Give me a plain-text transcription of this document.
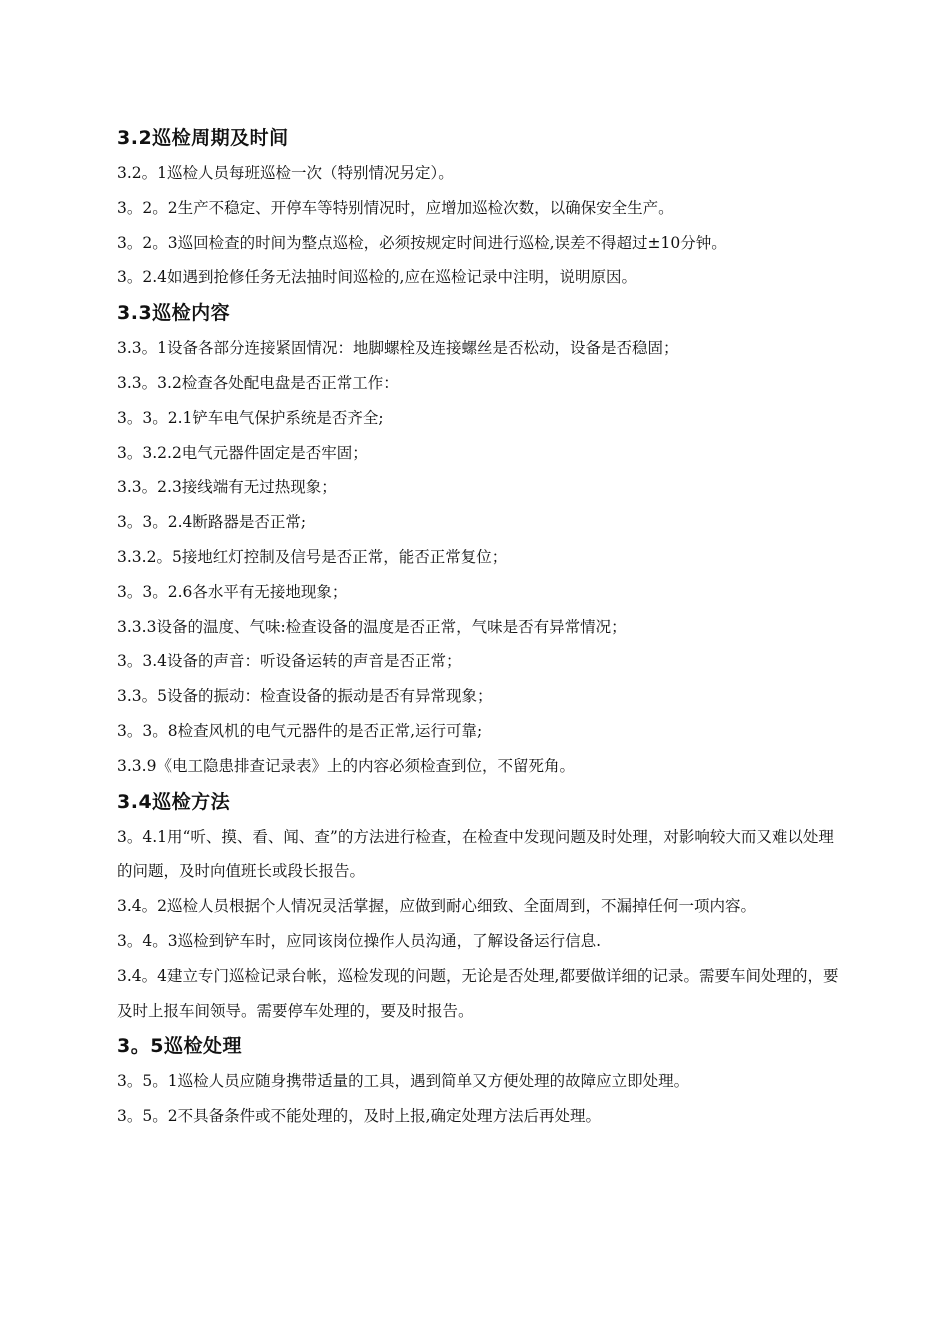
3.2巡检周期及时间

3.2。1巡检人员每班巡检一次（特别情况另定）。

3。2。2生产不稳定、开停车等特别情况时，应增加巡检次数，以确保安全生产。

3。2。3巡回检查的时间为整点巡检，必须按规定时间进行巡检,误差不得超过±10分钟。

3。2.4如遇到抢修任务无法抽时间巡检的,应在巡检记录中注明，说明原因。

3.3巡检内容

3.3。1设备各部分连接紧固情况：地脚螺栓及连接螺丝是否松动，设备是否稳固；

3.3。3.2检查各处配电盘是否正常工作：

3。3。2.1铲车电气保护系统是否齐全;

3。3.2.2电气元器件固定是否牢固；

3.3。2.3接线端有无过热现象；

3。3。2.4断路器是否正常;

3.3.2。5接地红灯控制及信号是否正常，能否正常复位；

3。3。2.6各水平有无接地现象；

3.3.3设备的温度、气味:检查设备的温度是否正常，气味是否有异常情况；

3。3.4设备的声音：听设备运转的声音是否正常；

3.3。5设备的振动：检查设备的振动是否有异常现象；

3。3。8检查风机的电气元器件的是否正常,运行可靠;

3.3.9《电工隐患排查记录表》上的内容必须检查到位，不留死角。

3.4巡检方法

3。4.1用“听、摸、看、闻、查”的方法进行检查，在检查中发现问题及时处理，对影响较大而又难以处理的问题，及时向值班长或段长报告。

3.4。2巡检人员根据个人情况灵活掌握，应做到耐心细致、全面周到，不漏掉任何一项内容。

3。4。3巡检到铲车时，应同该岗位操作人员沟通，了解设备运行信息.

3.4。4建立专门巡检记录台帐，巡检发现的问题，无论是否处理,都要做详细的记录。需要车间处理的，要及时上报车间领导。需要停车处理的，要及时报告。

3。5巡检处理

3。5。1巡检人员应随身携带适量的工具，遇到简单又方便处理的故障应立即处理。

3。5。2不具备条件或不能处理的，及时上报,确定处理方法后再处理。
